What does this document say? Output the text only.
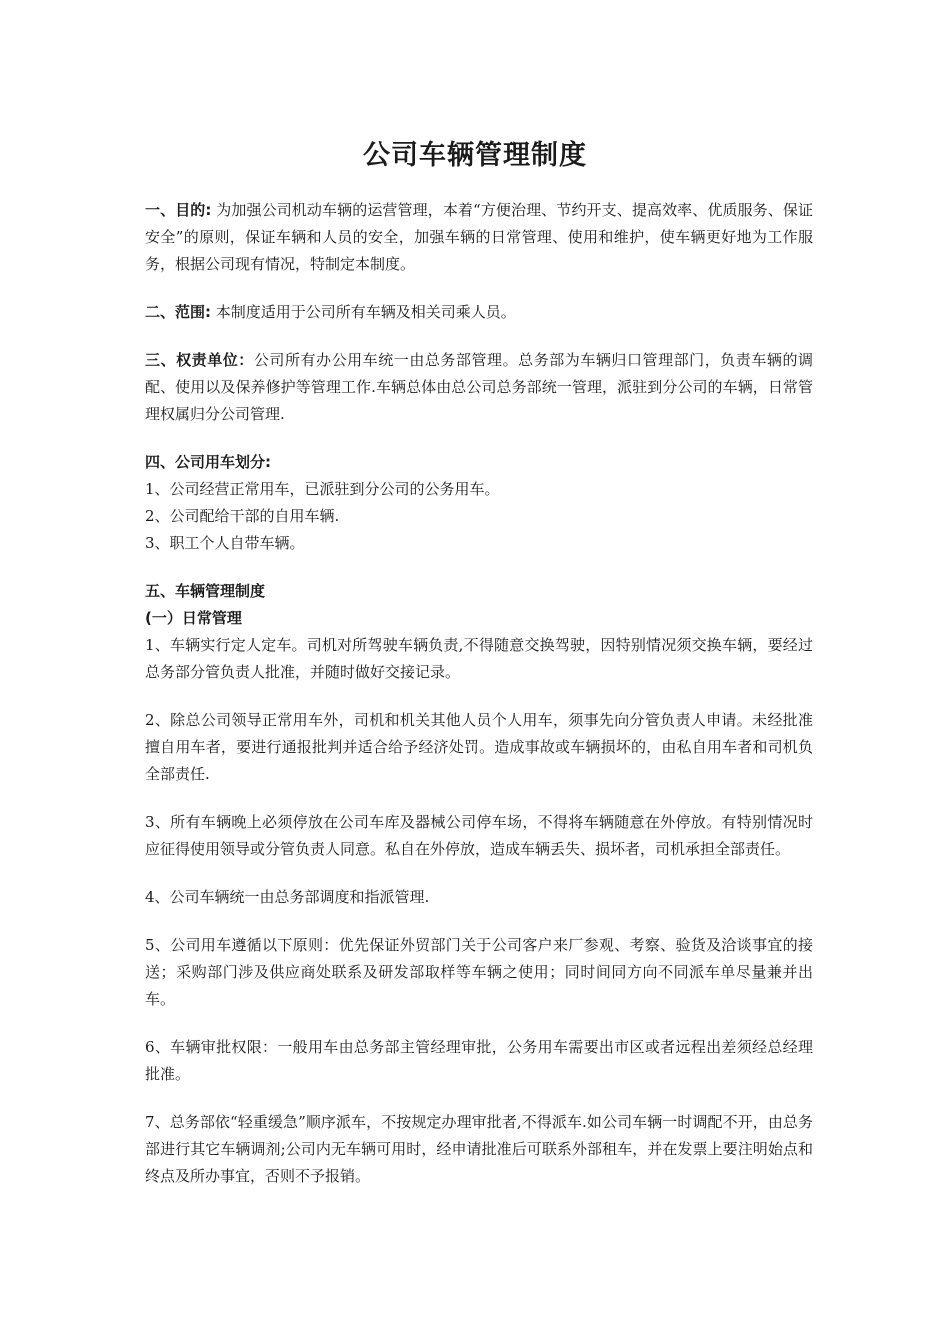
公司车辆管理制度

一、目的: 为加强公司机动车辆的运营管理，本着“方便治理、节约开支、提高效率、优质服务、保证安全”的原则，保证车辆和人员的安全，加强车辆的日常管理、使用和维护，使车辆更好地为工作服务，根据公司现有情况，特制定本制度。

二、范围: 本制度适用于公司所有车辆及相关司乘人员。

三、权责单位：公司所有办公用车统一由总务部管理。总务部为车辆归口管理部门，负责车辆的调配、使用以及保养修护等管理工作.车辆总体由总公司总务部统一管理，派驻到分公司的车辆，日常管理权属归分公司管理.

四、公司用车划分:

1、公司经营正常用车，已派驻到分公司的公务用车。

2、公司配给干部的自用车辆.

3、职工个人自带车辆。

五、车辆管理制度

(一）日常管理

1、车辆实行定人定车。司机对所驾驶车辆负责,不得随意交换驾驶，因特别情况须交换车辆，要经过总务部分管负责人批准，并随时做好交接记录。

2、除总公司领导正常用车外，司机和机关其他人员个人用车，须事先向分管负责人申请。未经批准擅自用车者，要进行通报批判并适合给予经济处罚。造成事故或车辆损坏的，由私自用车者和司机负全部责任.

3、所有车辆晚上必须停放在公司车库及器械公司停车场，不得将车辆随意在外停放。有特别情况时应征得使用领导或分管负责人同意。私自在外停放，造成车辆丢失、损坏者，司机承担全部责任。

4、公司车辆统一由总务部调度和指派管理.

5、公司用车遵循以下原则：优先保证外贸部门关于公司客户来厂参观、考察、验货及洽谈事宜的接送；采购部门涉及供应商处联系及研发部取样等车辆之使用；同时间同方向不同派车单尽量兼并出车。

6、车辆审批权限：一般用车由总务部主管经理审批，公务用车需要出市区或者远程出差须经总经理批准。

7、总务部依“轻重缓急”顺序派车，不按规定办理审批者,不得派车.如公司车辆一时调配不开，由总务部进行其它车辆调剂;公司内无车辆可用时，经申请批准后可联系外部租车，并在发票上要注明始点和终点及所办事宜，否则不予报销。
